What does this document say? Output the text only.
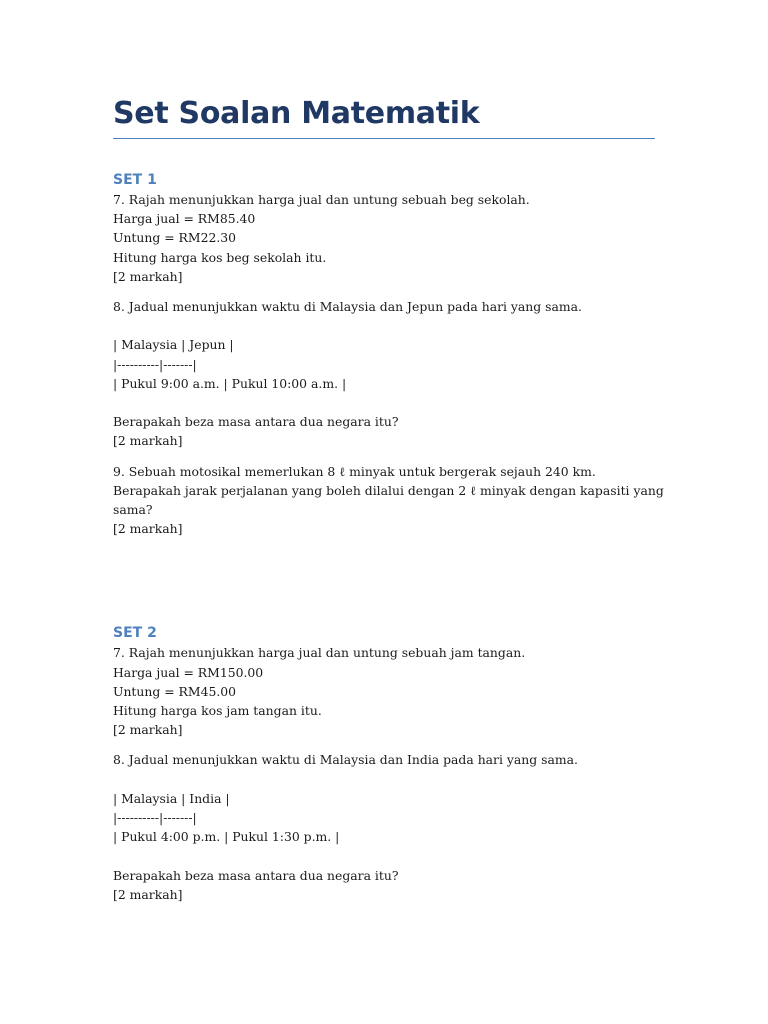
Set Soalan Matematik
SET 1
7. Rajah menunjukkan harga jual dan untung sebuah beg sekolah.
Harga jual = RM85.40
Untung = RM22.30
Hitung harga kos beg sekolah itu.
[2 markah]
8. Jadual menunjukkan waktu di Malaysia dan Jepun pada hari yang sama.
| Malaysia | Jepun |
|----------|-------|
| Pukul 9:00 a.m. | Pukul 10:00 a.m. |
Berapakah beza masa antara dua negara itu?
[2 markah]
9. Sebuah motosikal memerlukan 8 ℓ minyak untuk bergerak sejauh 240 km.
Berapakah jarak perjalanan yang boleh dilalui dengan 2 ℓ minyak dengan kapasiti yang
sama?
[2 markah]
SET 2
7. Rajah menunjukkan harga jual dan untung sebuah jam tangan.
Harga jual = RM150.00
Untung = RM45.00
Hitung harga kos jam tangan itu.
[2 markah]
8. Jadual menunjukkan waktu di Malaysia dan India pada hari yang sama.
| Malaysia | India |
|----------|-------|
| Pukul 4:00 p.m. | Pukul 1:30 p.m. |
Berapakah beza masa antara dua negara itu?
[2 markah]
